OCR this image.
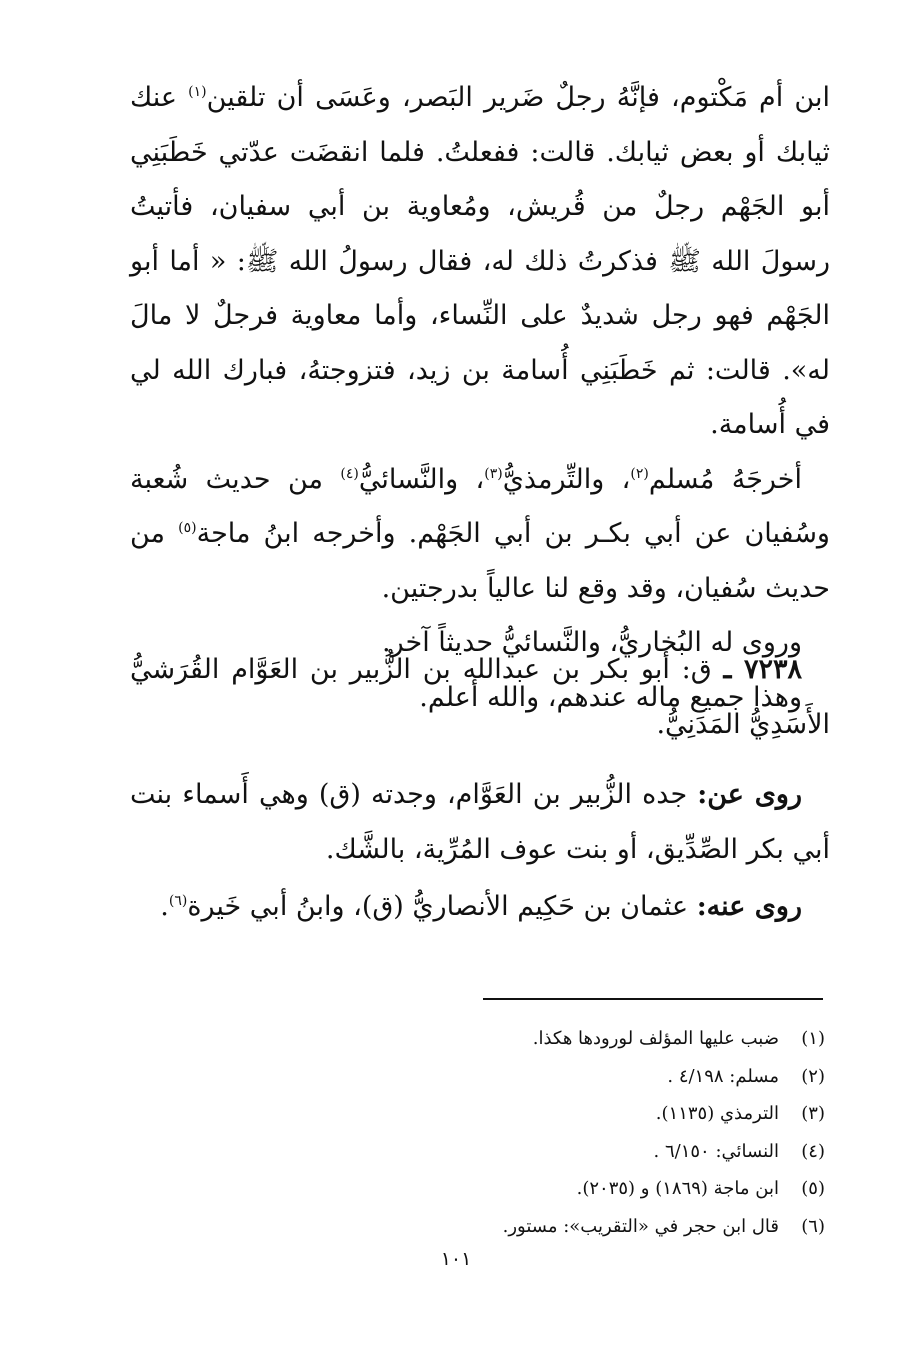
ابن أم مَكْتوم، فإنَّهُ رجلٌ ضَرير البَصر، وعَسَى أن تلقين$^{(١)}$ عنك ثيابك أو بعض ثيابك. قالت: ففعلتُ. فلما انقضَت عدّتي خَطَبَنِي أبو الجَهْم رجلٌ من قُريش، ومُعاوية بن أبي سفيان، فأتيتُ رسولَ الله ﷺ فذكرتُ ذلك له، فقال رسولُ الله ﷺ: « أما أبو الجَهْم فهو رجل شديدٌ على النِّساء، وأما معاوية فرجلٌ لا مالَ له». قالت: ثم خَطَبَنِي أُسامة بن زيد، فتزوجتهُ، فبارك الله لي في أُسامة.

أخرجَهُ مُسلم$^{(٢)}$، والتِّرمذيُّ$^{(٣)}$، والنَّسائيُّ$^{(٤)}$ من حديث شُعبة وسُفيان عن أبي بكـر بن أبي الجَهْم. وأخرجه ابنُ ماجة$^{(٥)}$ من حديث سُفيان، وقد وقع لنا عالياً بدرجتين.

وروى له البُخاريُّ، والنَّسائيُّ حديثاً آخر.

وهذا جميع ماله عندهم، والله أعلم.

٧٢٣٨ ـ ق: أبو بكر بن عبدالله بن الزُّبير بن العَوَّام القُرَشيُّ الأَسَدِيُّ المَدَنِيُّ.

روى عن: جده الزُّبير بن العَوَّام، وجدته (ق) وهي أَسماء بنت أبي بكر الصِّدِّيق، أو بنت عوف المُرِّية، بالشَّك.

روى عنه: عثمان بن حَكِيم الأنصاريُّ (ق)، وابنُ أبي خَيرة$^{(٦)}$.

(١)
ضبب عليها المؤلف لورودها هكذا.
(٢)
مسلم: ٤/١٩٨ .
(٣)
الترمذي (١١٣٥).
(٤)
النسائي: ٦/١٥٠ .
(٥)
ابن ماجة (١٨٦٩) و (٢٠٣٥).
(٦)
قال ابن حجر في «التقريب»: مستور.
١٠١
